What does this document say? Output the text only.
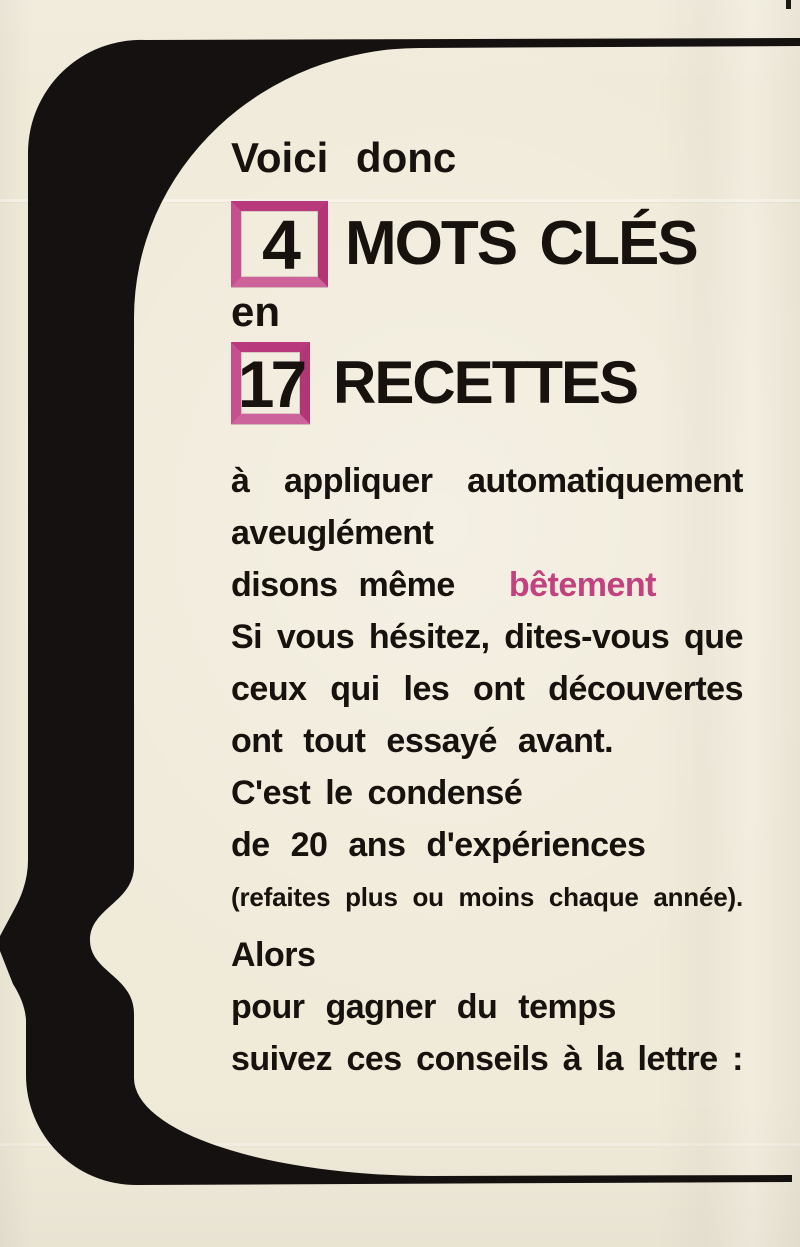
Voici donc
4 MOTS CLÉS
en
17 RECETTES
à appliquer automatiquement
aveuglément
disons même bêtement
Si vous hésitez, dites-vous que
ceux qui les ont découvertes
ont tout essayé avant.
C'est le condensé
de 20 ans d'expériences
(refaites plus ou moins chaque année).
Alors
pour gagner du temps
suivez ces conseils à la lettre :
